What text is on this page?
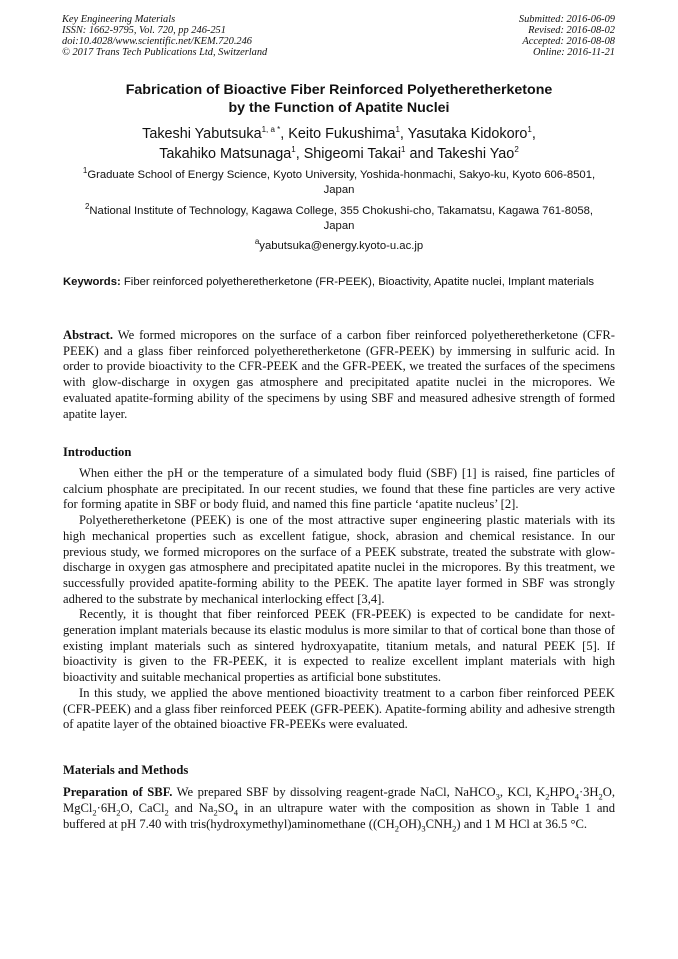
Key Engineering Materials
ISSN: 1662-9795, Vol. 720, pp 246-251
doi:10.4028/www.scientific.net/KEM.720.246
© 2017 Trans Tech Publications Ltd, Switzerland
Submitted: 2016-06-09
Revised: 2016-08-02
Accepted: 2016-08-08
Online: 2016-11-21
Fabrication of Bioactive Fiber Reinforced Polyetheretherketone
by the Function of Apatite Nuclei
Takeshi Yabutsuka$^{1, a *}$, Keito Fukushima$^1$, Yasutaka Kidokoro$^1$,
Takahiko Matsunaga$^1$, Shigeomi Takai$^1$ and Takeshi Yao$^2$
$^1$Graduate School of Energy Science, Kyoto University, Yoshida-honmachi, Sakyo-ku, Kyoto 606-8501, Japan
$^2$National Institute of Technology, Kagawa College, 355 Chokushi-cho, Takamatsu, Kagawa 761-8058, Japan
$^a$yabutsuka@energy.kyoto-u.ac.jp
Keywords: Fiber reinforced polyetheretherketone (FR-PEEK), Bioactivity, Apatite nuclei, Implant materials
Abstract. We formed micropores on the surface of a carbon fiber reinforced polyetheretherketone (CFR-PEEK) and a glass fiber reinforced polyetheretherketone (GFR-PEEK) by immersing in sulfuric acid. In order to provide bioactivity to the CFR-PEEK and the GFR-PEEK, we treated the surfaces of the specimens with glow-discharge in oxygen gas atmosphere and precipitated apatite nuclei in the micropores. We evaluated apatite-forming ability of the specimens by using SBF and measured adhesive strength of formed apatite layer.
Introduction

When either the pH or the temperature of a simulated body fluid (SBF) [1] is raised, fine particles of calcium phosphate are precipitated. In our recent studies, we found that these fine particles are very active for forming apatite in SBF or body fluid, and named this fine particle ‘apatite nucleus’ [2].

Polyetheretherketone (PEEK) is one of the most attractive super engineering plastic materials with its high mechanical properties such as excellent fatigue, shock, abrasion and chemical resistance. In our previous study, we formed micropores on the surface of a PEEK substrate, treated the substrate with glow-discharge in oxygen gas atmosphere and precipitated apatite nuclei in the micropores. By this treatment, we successfully provided apatite-forming ability to the PEEK. The apatite layer formed in SBF was strongly adhered to the substrate by mechanical interlocking effect [3,4].

Recently, it is thought that fiber reinforced PEEK (FR-PEEK) is expected to be candidate for next-generation implant materials because its elastic modulus is more similar to that of cortical bone than those of existing implant materials such as sintered hydroxyapatite, titanium metals, and natural PEEK [5]. If bioactivity is given to the FR-PEEK, it is expected to realize excellent implant materials with high bioactivity and suitable mechanical properties as artificial bone substitutes.

In this study, we applied the above mentioned bioactivity treatment to a carbon fiber reinforced PEEK (CFR-PEEK) and a glass fiber reinforced PEEK (GFR-PEEK). Apatite-forming ability and adhesive strength of apatite layer of the obtained bioactive FR-PEEKs were evaluated.

Materials and Methods
Preparation of SBF. We prepared SBF by dissolving reagent-grade NaCl, NaHCO$_3$, KCl, $K_2HPO_4\cdot 3H_2O$, $MgCl_2\cdot 6H_2O$, CaCl$_2$ and $Na_2SO_4$ in an ultrapure water with the composition as shown in Table 1 and buffered at pH 7.40 with tris(hydroxymethyl)aminomethane $((CH_2OH)_3CNH_2)$ and 1 M HCl at 36.5 °C.
